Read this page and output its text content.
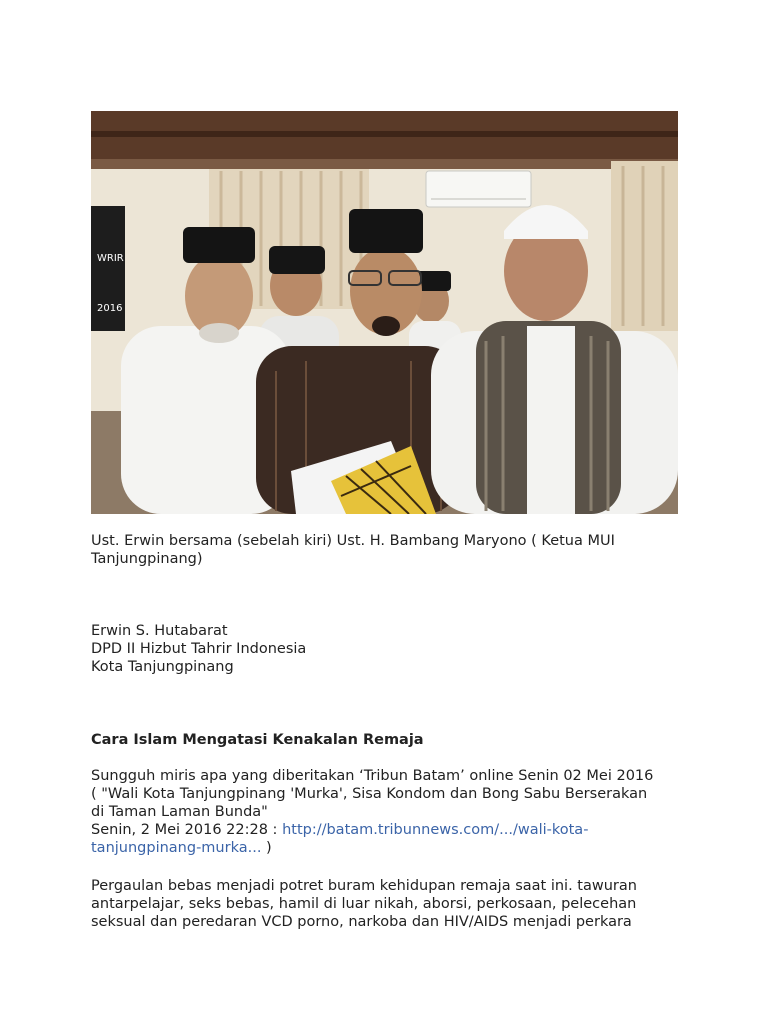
WRIR
2016

Ust. Erwin bersama (sebelah kiri) Ust. H. Bambang Maryono ( Ketua MUI
Tanjungpinang)

Erwin S. Hutabarat
DPD II Hizbut Tahrir Indonesia
Kota Tanjungpinang

Cara Islam Mengatasi Kenakalan Remaja

Sungguh miris apa yang diberitakan ‘Tribun Batam’ online Senin 02 Mei 2016
( "Wali Kota Tanjungpinang 'Murka', Sisa Kondom dan Bong Sabu Berserakan
di Taman Laman Bunda"
Senin, 2 Mei 2016 22:28 : http://batam.tribunnews.com/.../wali-kota-
tanjungpinang-murka... )

Pergaulan bebas menjadi potret buram kehidupan remaja saat ini. tawuran
antarpelajar, seks bebas, hamil di luar nikah, aborsi, perkosaan, pelecehan
seksual dan peredaran VCD porno, narkoba dan HIV/AIDS menjadi perkara
